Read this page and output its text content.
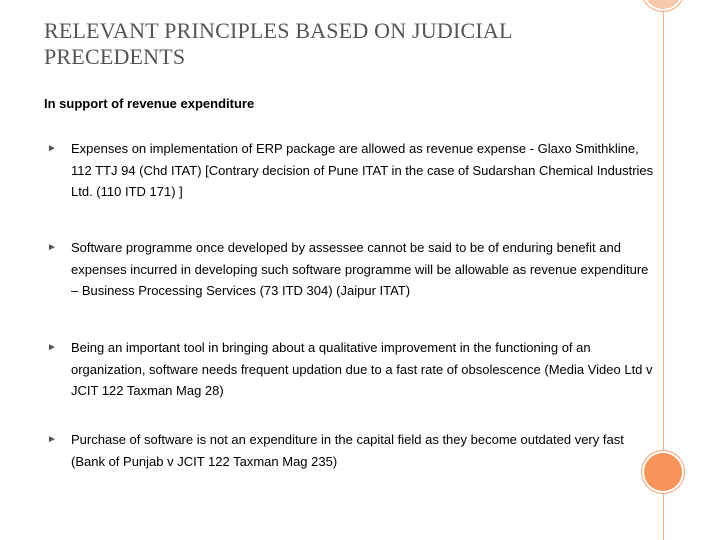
RELEVANT PRINCIPLES BASED ON JUDICIAL PRECEDENTS
In support of revenue expenditure
► Expenses on implementation of ERP package are allowed as revenue expense - Glaxo Smithkline, 112 TTJ 94 (Chd ITAT) [Contrary decision of Pune ITAT in the case of Sudarshan Chemical Industries Ltd. (110 ITD 171) ]
► Software programme once developed by assessee cannot be said to be of enduring benefit and expenses incurred in developing such software programme will be allowable as revenue expenditure – Business Processing Services (73 ITD 304) (Jaipur ITAT)
► Being an important tool in bringing about a qualitative improvement in the functioning of an organization, software needs frequent updation due to a fast rate of obsolescence (Media Video Ltd v JCIT 122 Taxman Mag 28)
► Purchase of software is not an expenditure in the capital field as they become outdated very fast (Bank of Punjab v JCIT 122 Taxman Mag 235)
